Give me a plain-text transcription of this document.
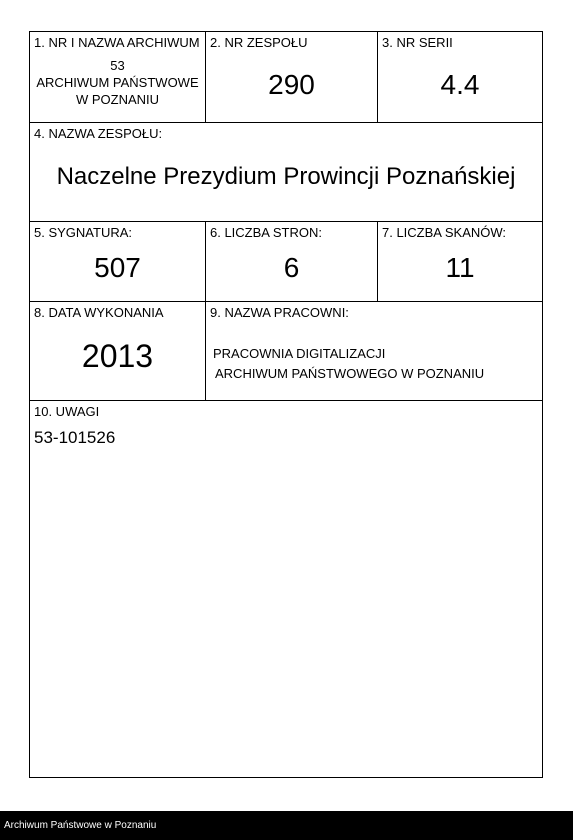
1. NR I NAZWA ARCHIWUM
53
ARCHIWUM PAŃSTWOWE
W POZNANIU
2. NR ZESPOŁU
290
3. NR SERII
4.4
4. NAZWA ZESPOŁU:
Naczelne Prezydium Prowincji Poznańskiej
5. SYGNATURA:
507
6. LICZBA STRON:
6
7. LICZBA SKANÓW:
11
8. DATA WYKONANIA
2013
9. NAZWA PRACOWNI:
PRACOWNIA DIGITALIZACJI
ARCHIWUM PAŃSTWOWEGO W POZNANIU
10. UWAGI
53-101526
Archiwum Państwowe w Poznaniu
